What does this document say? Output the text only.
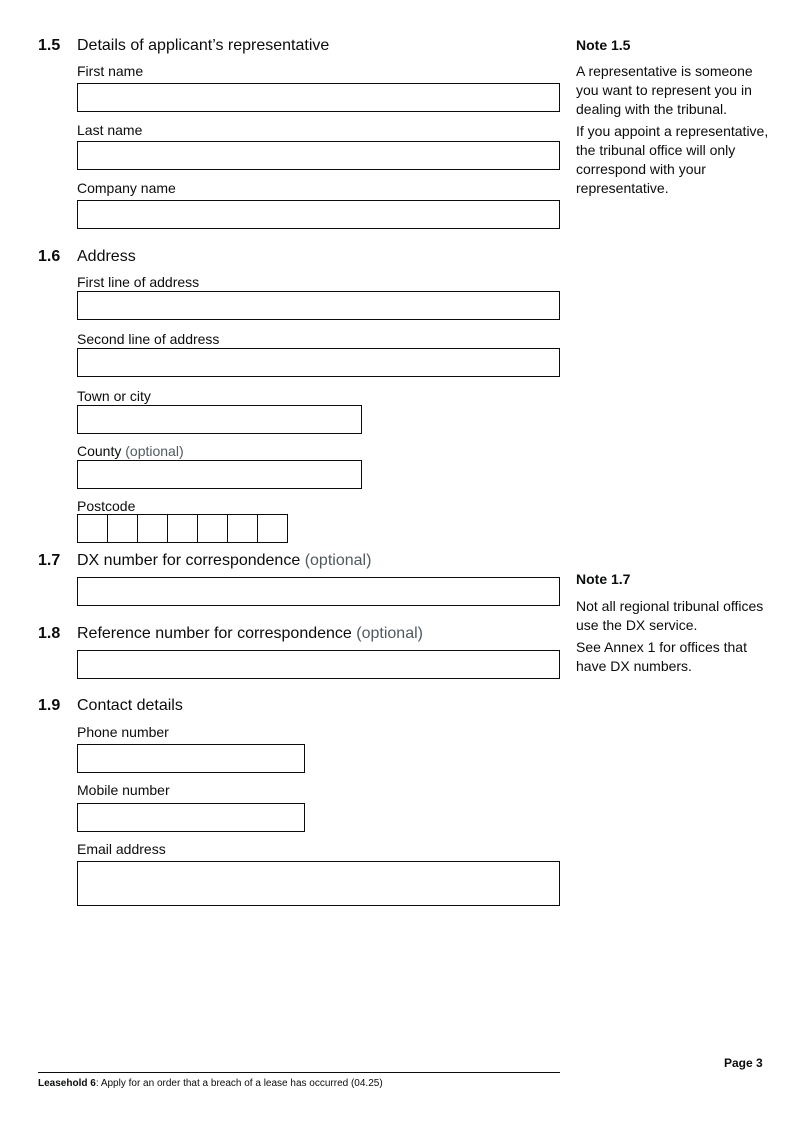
1.5 Details of applicant’s representative
First name
Last name
Company name
Note 1.5
A representative is someone you want to represent you in dealing with the tribunal.
If you appoint a representative, the tribunal office will only correspond with your representative.
1.6 Address
First line of address
Second line of address
Town or city
County (optional)
Postcode
1.7 DX number for correspondence (optional)
Note 1.7
Not all regional tribunal offices use the DX service.
See Annex 1 for offices that have DX numbers.
1.8 Reference number for correspondence (optional)
1.9 Contact details
Phone number
Mobile number
Email address
Page 3
Leasehold 6: Apply for an order that a breach of a lease has occurred (04.25)
